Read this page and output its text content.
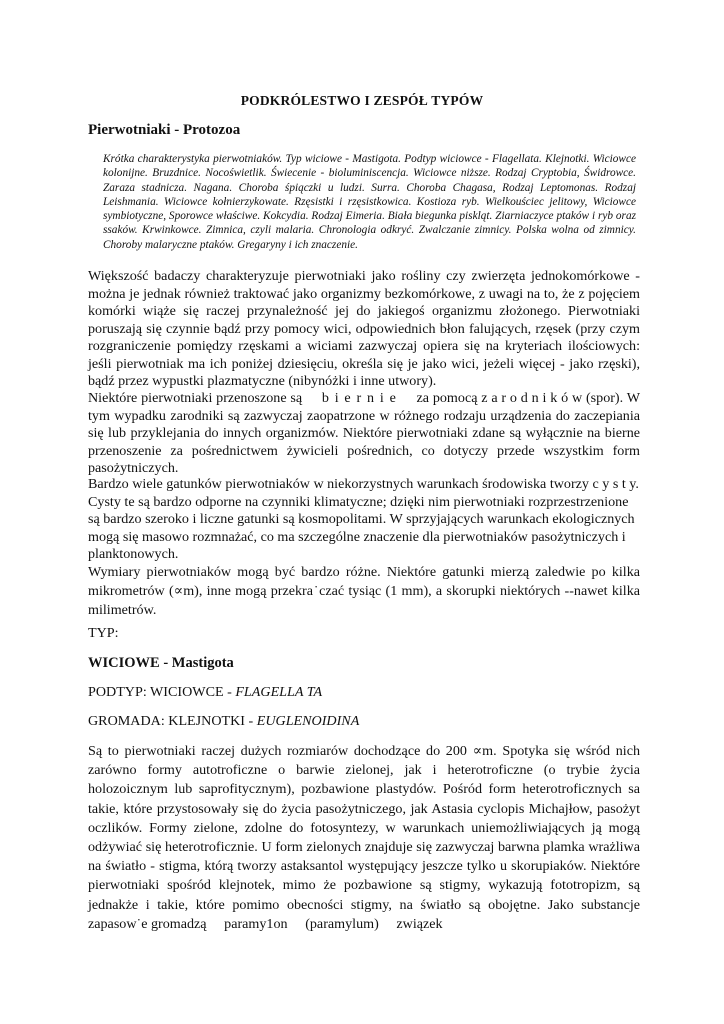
PODKRÓLESTWO I ZESPÓŁ TYPÓW
Pierwotniaki - Protozoa
Krótka charakterystyka pierwotniaków. Typ wiciowe - Mastigota. Podtyp wiciowce - Flagellata. Klejnotki. Wiciowce kolonijne. Bruzdnice. Nocoświetlik. Świecenie - bioluminiscencja. Wiciowce niższe. Rodzaj Cryptobia, Świdrowce. Zaraza stadnicza. Nagana. Choroba śpiączki u ludzi. Surra. Choroba Chagasa, Rodzaj Leptomonas. Rodzaj Leishmania. Wiciowce kołnierzykowate. Rzęsistki i rzęsistkowica. Kostioza ryb. Wielkouściec jelitowy, Wiciowce symbiotyczne, Sporowce właściwe. Kokcydia. Rodzaj Eimeria. Biała biegunka piskląt. Ziarniaczyce ptaków i ryb oraz ssaków. Krwinkowce. Zimnica, czyli malaria. Chronologia odkryć. Zwalczanie zimnicy. Polska wolna od zimnicy. Choroby malaryczne ptaków. Gregaryny i ich znaczenie.

Większość badaczy charakteryzuje pierwotniaki jako rośliny czy zwierzęta jednokomórkowe - można je jednak również traktować jako organizmy bezkomórkowe, z uwagi na to, że z pojęciem komórki wiąże się raczej przynależność jej do jakiegoś organizmu złożonego. Pierwotniaki poruszają się czynnie bądź przy pomocy wici, odpowiednich błon falujących, rzęsek (przy czym rozgraniczenie pomiędzy rzęskami a wiciami zazwyczaj opiera się na kryteriach ilościowych: jeśli pierwotniak ma ich poniżej dziesięciu, określa się je jako wici, jeżeli więcej - jako rzęski), bądź przez wypustki plazmatyczne (nibynóżki i inne utwory).

Niektóre pierwotniaki przenoszone są b i e r n i e za pomocą z a r o d n i k ó w (spor). W tym wypadku zarodniki są zazwyczaj zaopatrzone w różnego rodzaju urządzenia do zaczepiania się lub przyklejania do innych organizmów. Niektóre pierwotniaki zdane są wyłącznie na bierne przenoszenie za pośrednictwem żywicieli pośrednich, co dotyczy przede wszystkim form pasożytniczych.

Bardzo wiele gatunków pierwotniaków w niekorzystnych warunkach środowiska tworzy c y s t y. Cysty te są bardzo odporne na czynniki klimatyczne; dzięki nim pierwotniaki rozprzestrzenione są bardzo szeroko i liczne gatunki są kosmopolitami. W sprzyjających warunkach ekologicznych mogą się masowo rozmnażać, co ma szczególne znaczenie dla pierwotniaków pasożytniczych i planktonowych.

Wymiary pierwotniaków mogą być bardzo różne. Niektóre gatunki mierzą zaledwie po kilka mikrometrów (∝m), inne mogą przekra˙czać tysiąc (1 mm), a skorupki niektórych --nawet kilka milimetrów.

TYP:
WICIOWE - Mastigota
PODTYP: WICIOWCE - FLAGELLA TA
GROMADA: KLEJNOTKI - EUGLENOIDINA

Są to pierwotniaki raczej dużych rozmiarów dochodzące do 200 ∝m. Spotyka się wśród nich zarówno formy autotroficzne o barwie zielonej, jak i heterotroficzne (o trybie życia holozoicznym lub saprofitycznym), pozbawione plastydów. Pośród form heterotroficznych sa takie, które przystosowały się do życia pasożytniczego, jak Astasia cyclopis Michajłow, pasożyt oczlików. Formy zielone, zdolne do fotosyntezy, w warunkach uniemożliwiających ją mogą odżywiać się heterotroficznie. U form zielonych znajduje się zazwyczaj barwna plamka wrażliwa na światło - stigma, którą tworzy astaksantol występujący jeszcze tylko u skorupiaków. Niektóre pierwotniaki spośród klejnotek, mimo że pozbawione są stigmy, wykazują fototropizm, są jednakże i takie, które pomimo obecności stigmy, na światło są obojętne. Jako substancje zapasow˙e gromadzą     paramy1on     (paramylum)     związek
